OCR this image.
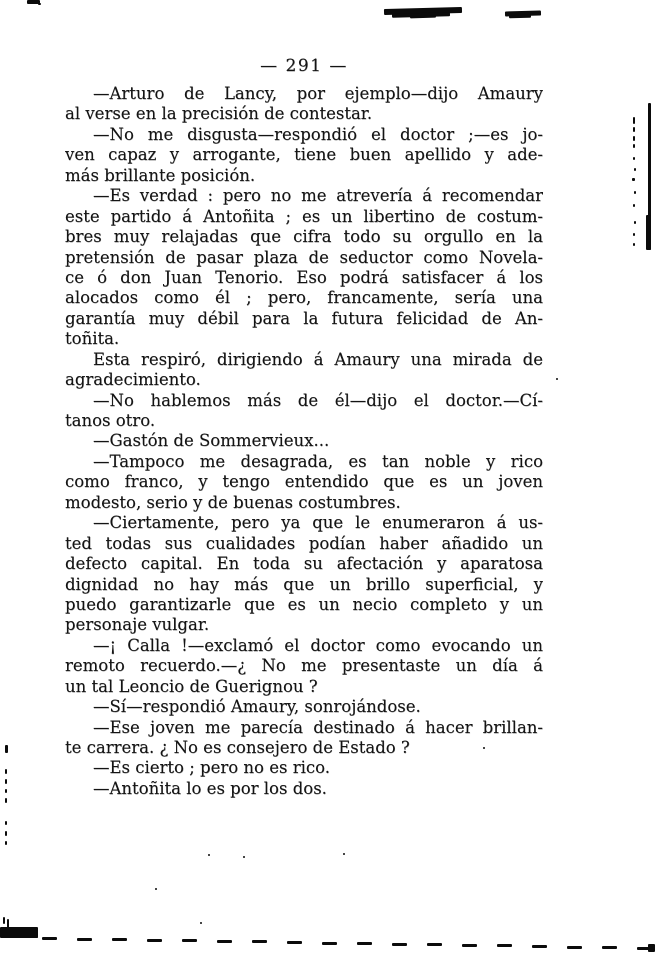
— 291 —
—Arturo de Lancy, por ejemplo—dijo Amaury
al verse en la precisión de contestar.
—No me disgusta—respondió el doctor ;—es jo-
ven capaz y arrogante, tiene buen apellido y ade-
más brillante posición.
—Es verdad : pero no me atrevería á recomendar
este partido á Antoñita ; es un libertino de costum-
bres muy relajadas que cifra todo su orgullo en la
pretensión de pasar plaza de seductor como Novela-
ce ó don Juan Tenorio. Eso podrá satisfacer á los
alocados como él ; pero, francamente, sería una
garantía muy débil para la futura felicidad de An-
toñita.
Esta respiró, dirigiendo á Amaury una mirada de
agradecimiento.
—No hablemos más de él—dijo el doctor.—Cí-
tanos otro.
—Gastón de Sommervieux...
—Tampoco me desagrada, es tan noble y rico
como franco, y tengo entendido que es un joven
modesto, serio y de buenas costumbres.
—Ciertamente, pero ya que le enumeraron á us-
ted todas sus cualidades podían haber añadido un
defecto capital. En toda su afectación y aparatosa
dignidad no hay más que un brillo superficial, y
puedo garantizarle que es un necio completo y un
personaje vulgar.
—¡ Calla !—exclamó el doctor como evocando un
remoto recuerdo.—¿ No me presentaste un día á
un tal Leoncio de Guerignou ?
—Sí—respondió Amaury, sonrojándose.
—Ese joven me parecía destinado á hacer brillan-
te carrera. ¿ No es consejero de Estado ?
—Es cierto ; pero no es rico.
—Antoñita lo es por los dos.
